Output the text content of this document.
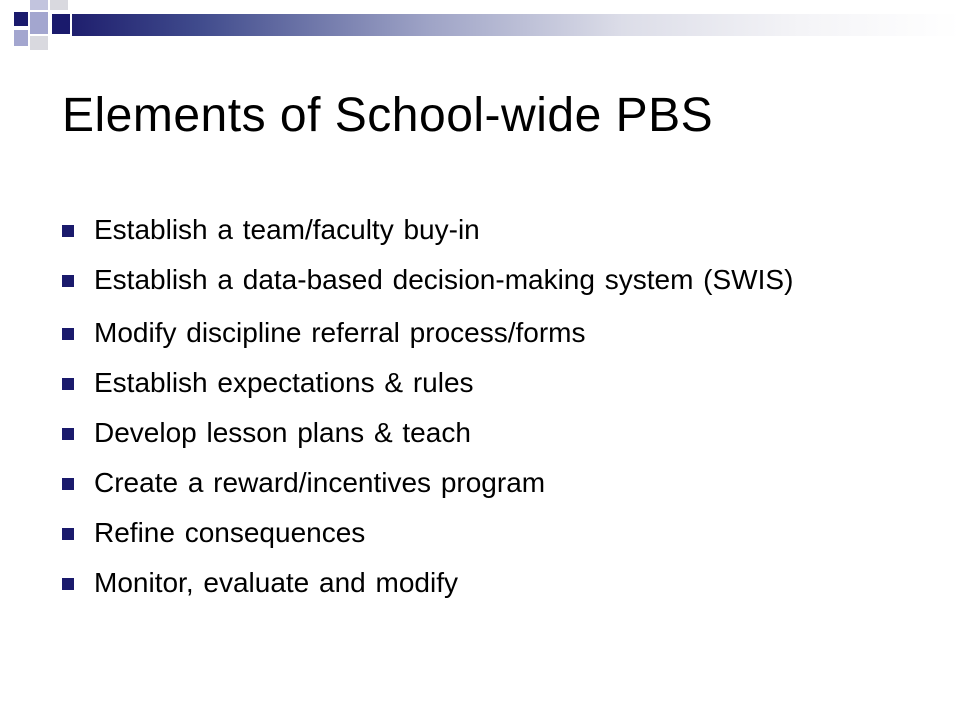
Elements of School-wide PBS
Establish a team/faculty buy-in
Establish a data-based decision-making system (SWIS)
Modify discipline referral process/forms
Establish expectations & rules
Develop lesson plans & teach
Create a reward/incentives program
Refine consequences
Monitor, evaluate and modify
